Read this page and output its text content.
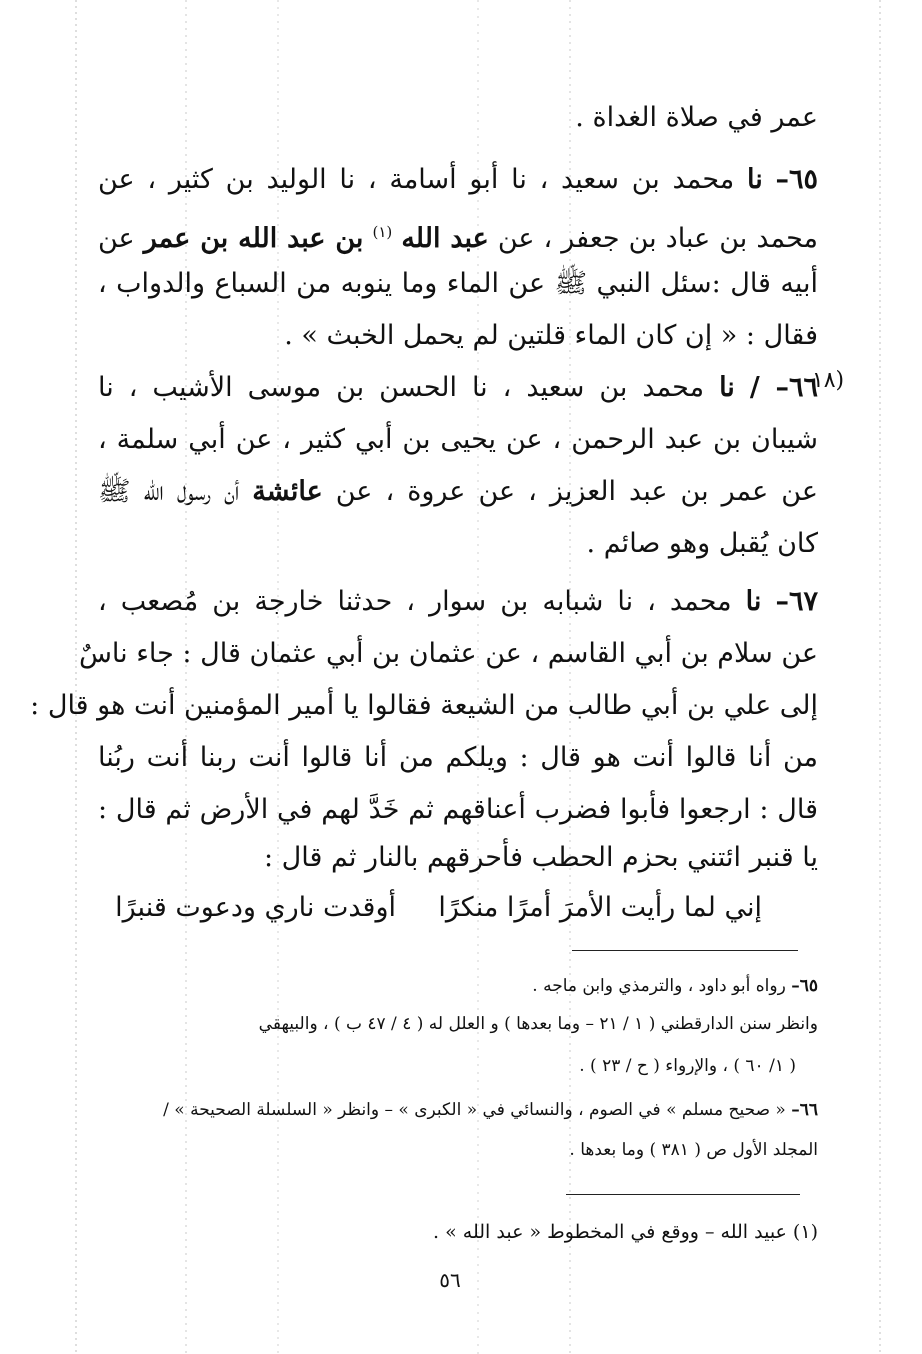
عمر في صلاة الغداة .
٦٥– نا محمد بن سعيد ، نا أبو أسامة ، نا الوليد بن كثير ، عن
محمد بن عباد بن جعفر ، عن عبد الله $^{(١)}$ بن عبد الله بن عمر عن
أبيه قال :سئل النبي ﷺ عن الماء وما ينوبه من السباع والدواب ،
فقال : « إن كان الماء قلتين لم يحمل الخبث » .
(١٨
٦٦– / نا محمد بن سعيد ، نا الحسن بن موسى الأشيب ، نا
شيبان بن عبد الرحمن ، عن يحيى بن أبي كثير ، عن أبي سلمة ،
عن عمر بن عبد العزيز ، عن عروة ، عن عائشة أن رسول الله ﷺ
كان يُقبل وهو صائم .
٦٧– نا محمد ، نا شبابه بن سوار ، حدثنا خارجة بن مُصعب ،
عن سلام بن أبي القاسم ، عن عثمان بن أبي عثمان قال : جاء ناسٌ
إلى علي بن أبي طالب من الشيعة فقالوا يا أمير المؤمنين أنت هو قال :
من أنا قالوا أنت هو قال : ويلكم من أنا قالوا أنت ربنا أنت ربُنا
قال : ارجعوا فأبوا فضرب أعناقهم ثم خَدَّ لهم في الأرض ثم قال :
يا قنبر ائتني بحزم الحطب فأحرقهم بالنار ثم قال :
إني لما رأيت الأمرَ أمرًا منكرًا
أوقدت ناري ودعوت قنبرًا
٦٥– رواه أبو داود ، والترمذي وابن ماجه .
وانظر سنن الدارقطني ( ١ / ٢١ – وما بعدها ) و العلل له ( ٤ / ٤٧ ب ) ، والبيهقي
( ١/ ٦٠ ) ، والإرواء ( ح / ٢٣ ) .
٦٦– « صحيح مسلم » في الصوم ، والنسائي في « الكبرى » – وانظر « السلسلة الصحيحة » /
المجلد الأول ص ( ٣٨١ ) وما بعدها .
(١) عبيد الله – ووقع في المخطوط « عبد الله » .
٥٦
